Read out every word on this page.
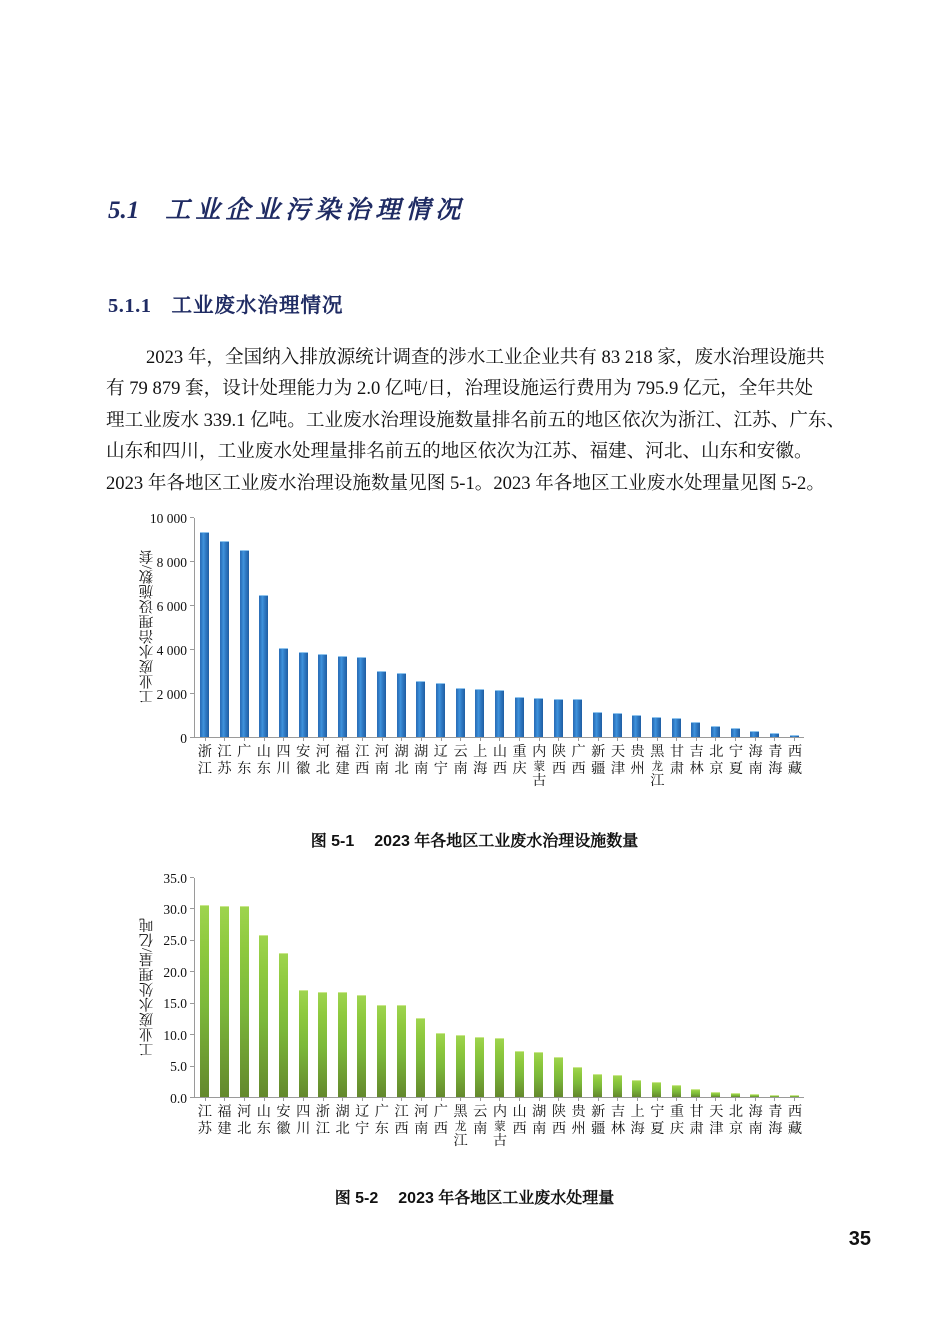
5.1 工业企业污染治理情况
5.1.1 工业废水治理情况
2023 年，全国纳入排放源统计调查的涉水工业企业共有 83 218 家，废水治理设施共
有 79 879 套，设计处理能力为 2.0 亿吨/日，治理设施运行费用为 795.9 亿元，全年共处
理工业废水 339.1 亿吨。工业废水治理设施数量排名前五的地区依次为浙江、江苏、广东、
山东和四川，工业废水处理量排名前五的地区依次为江苏、福建、河北、山东和安徽。
2023 年各地区工业废水治理设施数量见图 5-1。2023 年各地区工业废水处理量见图 5-2。
工业废水治理设施数/套
0
2 000
4 000
6 000
8 000
10 000
浙
江
江
苏
广
东
山
东
四
川
安
徽
河
北
福
建
江
西
河
南
湖
北
湖
南
辽
宁
云
南
上
海
山
西
重
庆
内
蒙
古
陕
西
广
西
新
疆
天
津
贵
州
黑
龙
江
甘
肃
吉
林
北
京
宁
夏
海
南
青
海
西
藏
图 5-1 2023 年各地区工业废水治理设施数量
工业废水处理量/亿吨
0.0
5.0
10.0
15.0
20.0
25.0
30.0
35.0
江
苏
福
建
河
北
山
东
安
徽
四
川
浙
江
湖
北
辽
宁
广
东
江
西
河
南
广
西
黑
龙
江
云
南
内
蒙
古
山
西
湖
南
陕
西
贵
州
新
疆
吉
林
上
海
宁
夏
重
庆
甘
肃
天
津
北
京
海
南
青
海
西
藏
图 5-2 2023 年各地区工业废水处理量
35
